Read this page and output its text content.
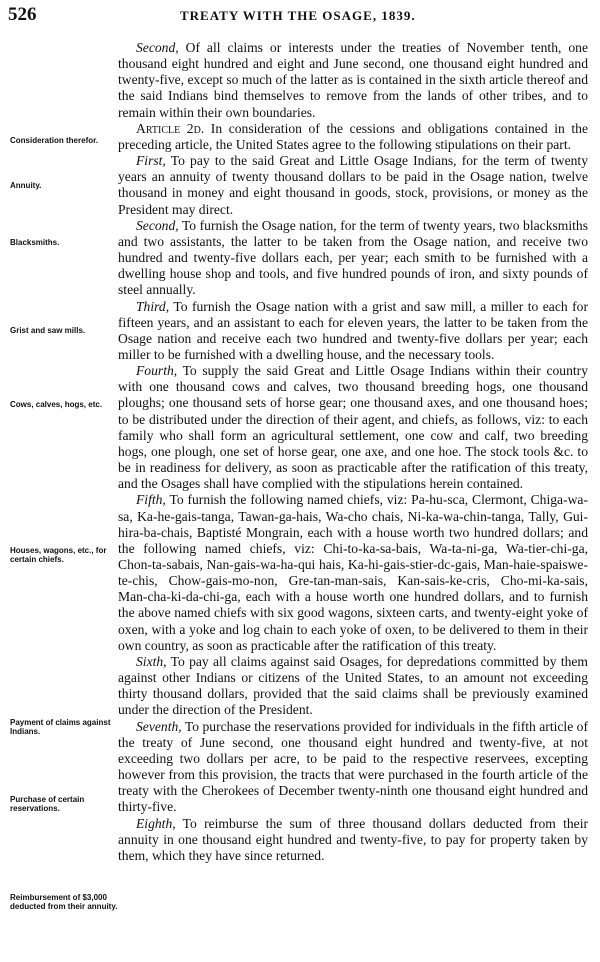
526	TREATY WITH THE OSAGE, 1839.
Consideration therefor.
Annuity.
Blacksmiths.
Grist and saw mills.
Cows, calves, hogs, etc.
Houses, wagons, etc., for certain chiefs.
Payment of claims against Indians.
Purchase of certain reservations.
Reimbursement of $3,000 deducted from their annuity.

Second, Of all claims or interests under the treaties of November tenth, one thousand eight hundred and eight and June second, one thousand eight hundred and twenty-five, except so much of the latter as is contained in the sixth article thereof and the said Indians bind themselves to remove from the lands of other tribes, and to remain within their own boundaries.

Article 2d. In consideration of the cessions and obligations contained in the preceding article, the United States agree to the following stipulations on their part.

First, To pay to the said Great and Little Osage Indians, for the term of twenty years an annuity of twenty thousand dollars to be paid in the Osage nation, twelve thousand in money and eight thousand in goods, stock, provisions, or money as the President may direct.

Second, To furnish the Osage nation, for the term of twenty years, two blacksmiths and two assistants, the latter to be taken from the Osage nation, and receive two hundred and twenty-five dollars each, per year; each smith to be furnished with a dwelling house shop and tools, and five hundred pounds of iron, and sixty pounds of steel annually.

Third, To furnish the Osage nation with a grist and saw mill, a miller to each for fifteen years, and an assistant to each for eleven years, the latter to be taken from the Osage nation and receive each two hundred and twenty-five dollars per year; each miller to be furnished with a dwelling house, and the necessary tools.

Fourth, To supply the said Great and Little Osage Indians within their country with one thousand cows and calves, two thousand breeding hogs, one thousand ploughs; one thousand sets of horse gear; one thousand axes, and one thousand hoes; to be distributed under the direction of their agent, and chiefs, as follows, viz: to each family who shall form an agricultural settlement, one cow and calf, two breeding hogs, one plough, one set of horse gear, one axe, and one hoe. The stock tools &c. to be in readiness for delivery, as soon as practicable after the ratification of this treaty, and the Osages shall have complied with the stipulations herein contained.

Fifth, To furnish the following named chiefs, viz: Pa-hu-sca, Clermont, Chiga-wa-sa, Ka-he-gais-tanga, Tawan-ga-hais, Wa-cho chais, Ni-ka-wa-chin-tanga, Tally, Gui-hira-ba-chais, Baptisté Mongrain, each with a house worth two hundred dollars; and the following named chiefs, viz: Chi-to-ka-sa-bais, Wa-ta-ni-ga, Wa-tier-chi-ga, Chon-ta-sabais, Nan-gais-wa-ha-qui hais, Ka-hi-gais-stier-dc-gais, Man-haie-spaiswe-te-chis, Chow-gais-mo-non, Gre-tan-man-sais, Kan-sais-ke-cris, Cho-mi-ka-sais, Man-cha-ki-da-chi-ga, each with a house worth one hundred dollars, and to furnish the above named chiefs with six good wagons, sixteen carts, and twenty-eight yoke of oxen, with a yoke and log chain to each yoke of oxen, to be delivered to them in their own country, as soon as practicable after the ratification of this treaty.

Sixth, To pay all claims against said Osages, for depredations committed by them against other Indians or citizens of the United States, to an amount not exceeding thirty thousand dollars, provided that the said claims shall be previously examined under the direction of the President.

Seventh, To purchase the reservations provided for individuals in the fifth article of the treaty of June second, one thousand eight hundred and twenty-five, at not exceeding two dollars per acre, to be paid to the respective reservees, excepting however from this provision, the tracts that were purchased in the fourth article of the treaty with the Cherokees of December twenty-ninth one thousand eight hundred and thirty-five.

Eighth, To reimburse the sum of three thousand dollars deducted from their annuity in one thousand eight hundred and twenty-five, to pay for property taken by them, which they have since returned.
